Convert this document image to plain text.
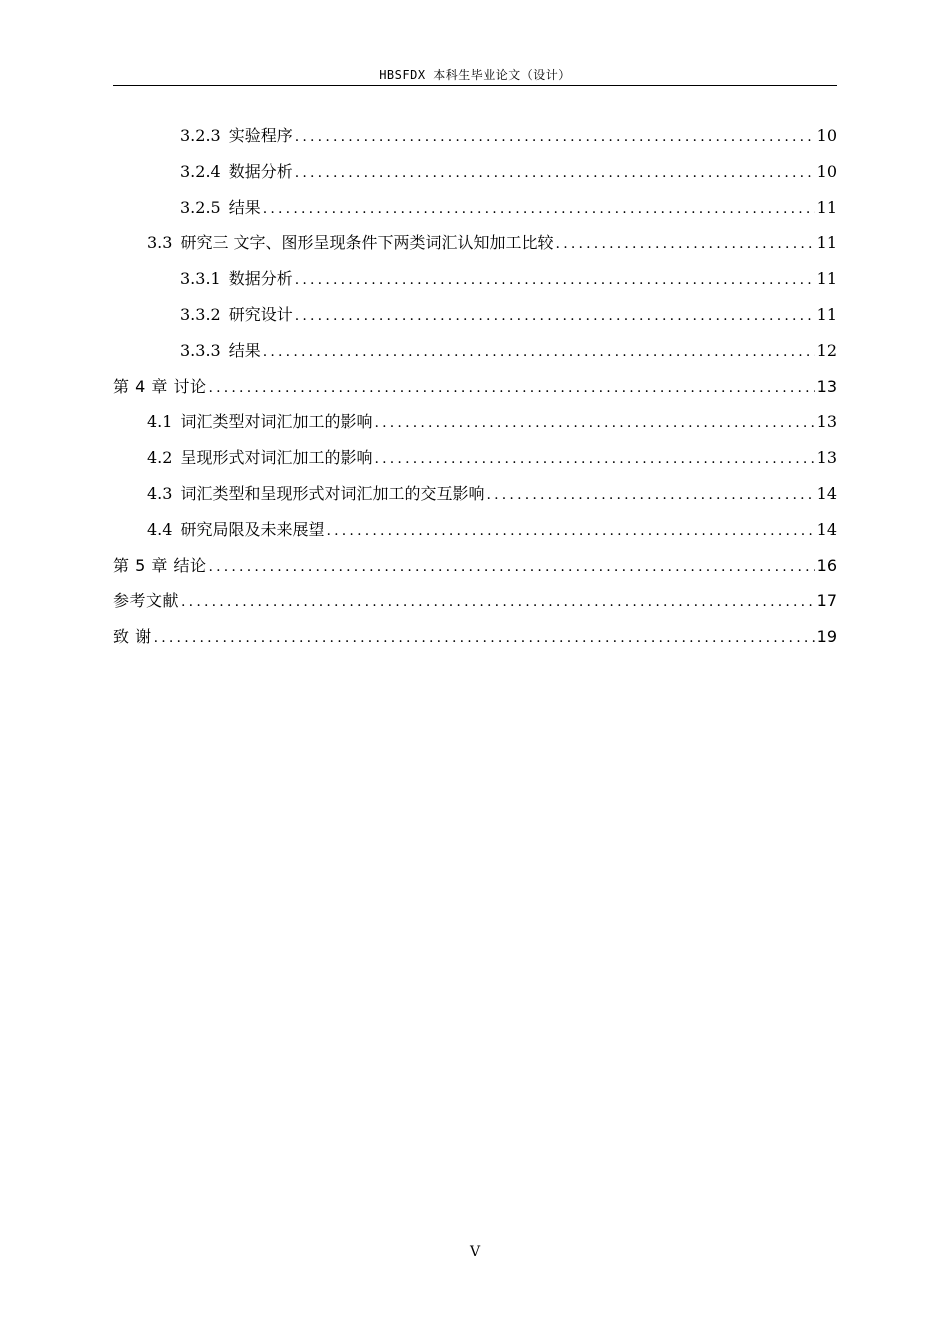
HBSFDX 本科生毕业论文（设计）
3.2.3 实验程序 .....	10
3.2.4 数据分析 .....	10
3.2.5 结果 .....	11
3.3 研究三 文字、图形呈现条件下两类词汇认知加工比较 .....	11
3.3.1 数据分析 .....	11
3.3.2 研究设计 .....	11
3.3.3 结果 .....	12
第 4 章 讨论 .....	13
4.1 词汇类型对词汇加工的影响 .....	13
4.2 呈现形式对词汇加工的影响 .....	13
4.3 词汇类型和呈现形式对词汇加工的交互影响 .....	14
4.4 研究局限及未来展望 .....	14
第 5 章 结论 .....	16
参考文献 .....	17
致 谢 .....	19
V
